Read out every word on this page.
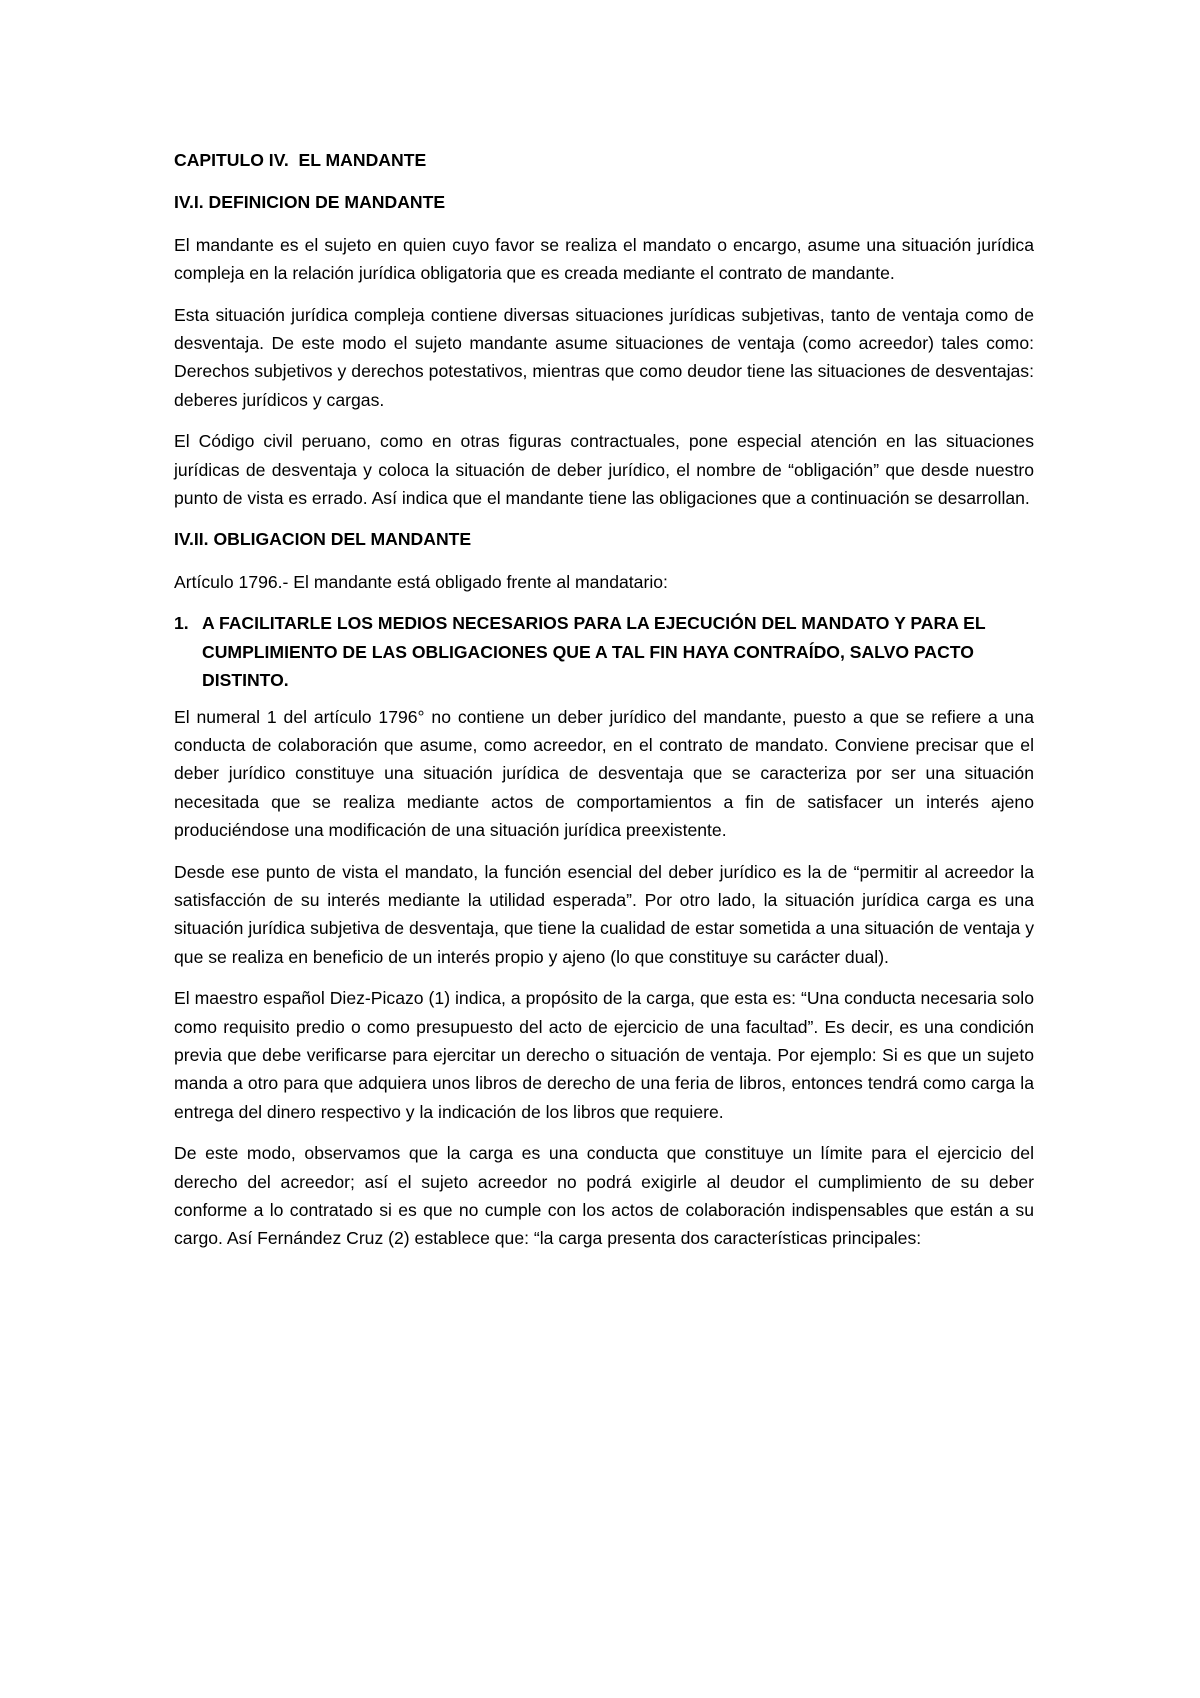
CAPITULO IV.  EL MANDANTE
IV.I. DEFINICION DE MANDANTE

El mandante es el sujeto en quien cuyo favor se realiza el mandato o encargo, asume una situación jurídica compleja en la relación jurídica obligatoria que es creada mediante el contrato de mandante.

Esta situación jurídica compleja contiene diversas situaciones jurídicas subjetivas, tanto de ventaja como de desventaja. De este modo el sujeto mandante asume situaciones de ventaja (como acreedor) tales como: Derechos subjetivos y derechos potestativos, mientras que como deudor tiene las situaciones de desventajas: deberes jurídicos y cargas.

El Código civil peruano, como en otras figuras contractuales, pone especial atención en las situaciones jurídicas de desventaja y coloca la situación de deber jurídico, el nombre de “obligación” que desde nuestro punto de vista es errado. Así indica que el mandante tiene las obligaciones que a continuación se desarrollan.

IV.II. OBLIGACION DEL MANDANTE
Artículo 1796.- El mandante está obligado frente al mandatario:
1. A FACILITARLE LOS MEDIOS NECESARIOS PARA LA EJECUCIÓN DEL MANDATO Y PARA EL CUMPLIMIENTO DE LAS OBLIGACIONES QUE A TAL FIN HAYA CONTRAÍDO, SALVO PACTO DISTINTO.

El numeral 1 del artículo 1796° no contiene un deber jurídico del mandante, puesto a que se refiere a una conducta de colaboración que asume, como acreedor, en el contrato de mandato. Conviene precisar que el deber jurídico constituye una situación jurídica de desventaja que se caracteriza por ser una situación necesitada que se realiza mediante actos de comportamientos a fin de satisfacer un interés ajeno produciéndose una modificación de una situación jurídica preexistente.

Desde ese punto de vista el mandato, la función esencial del deber jurídico es la de “permitir al acreedor la satisfacción de su interés mediante la utilidad esperada”. Por otro lado, la situación jurídica carga es una situación jurídica subjetiva de desventaja, que tiene la cualidad de estar sometida a una situación de ventaja y que se realiza en beneficio de un interés propio y ajeno (lo que constituye su carácter dual).

El maestro español Diez-Picazo (1) indica, a propósito de la carga, que esta es: “Una conducta necesaria solo como requisito predio o como presupuesto del acto de ejercicio de una facultad”. Es decir, es una condición previa que debe verificarse para ejercitar un derecho o situación de ventaja. Por ejemplo: Si es que un sujeto manda a otro para que adquiera unos libros de derecho de una feria de libros, entonces tendrá como carga la entrega del dinero respectivo y la indicación de los libros que requiere.

De este modo, observamos que la carga es una conducta que constituye un límite para el ejercicio del derecho del acreedor; así el sujeto acreedor no podrá exigirle al deudor el cumplimiento de su deber conforme a lo contratado si es que no cumple con los actos de colaboración indispensables que están a su cargo. Así Fernández Cruz (2) establece que: “la carga presenta dos características principales:
